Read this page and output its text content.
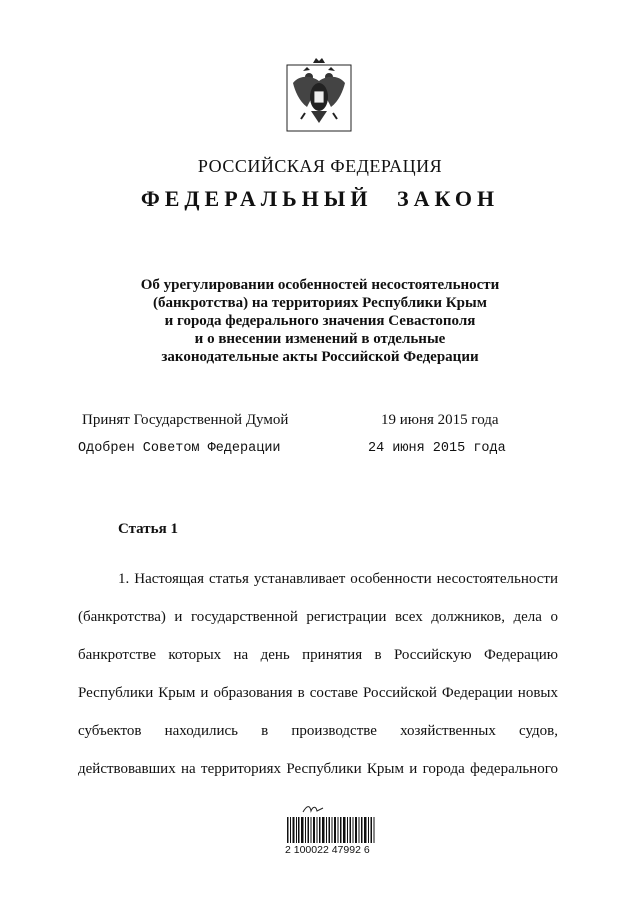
РОССИЙСКАЯ ФЕДЕРАЦИЯ
ФЕДЕРАЛЬНЫЙ ЗАКОН
Об урегулировании особенностей несостоятельности
(банкротства) на территориях Республики Крым
и города федерального значения Севастополя
и о внесении изменений в отдельные
законодательные акты Российской Федерации
Принят Государственной Думой	19 июня 2015 года
Одобрен Советом Федерации	24 июня 2015 года
Статья 1
1. Настоящая статья устанавливает особенности несостоятельности
(банкротства) и государственной регистрации всех должников, дела о
банкротстве которых на день принятия в Российскую Федерацию
Республики Крым и образования в составе Российской Федерации новых
субъектов находились в производстве хозяйственных судов,
действовавших на территориях Республики Крым и города федерального
2 100022 47992 6
